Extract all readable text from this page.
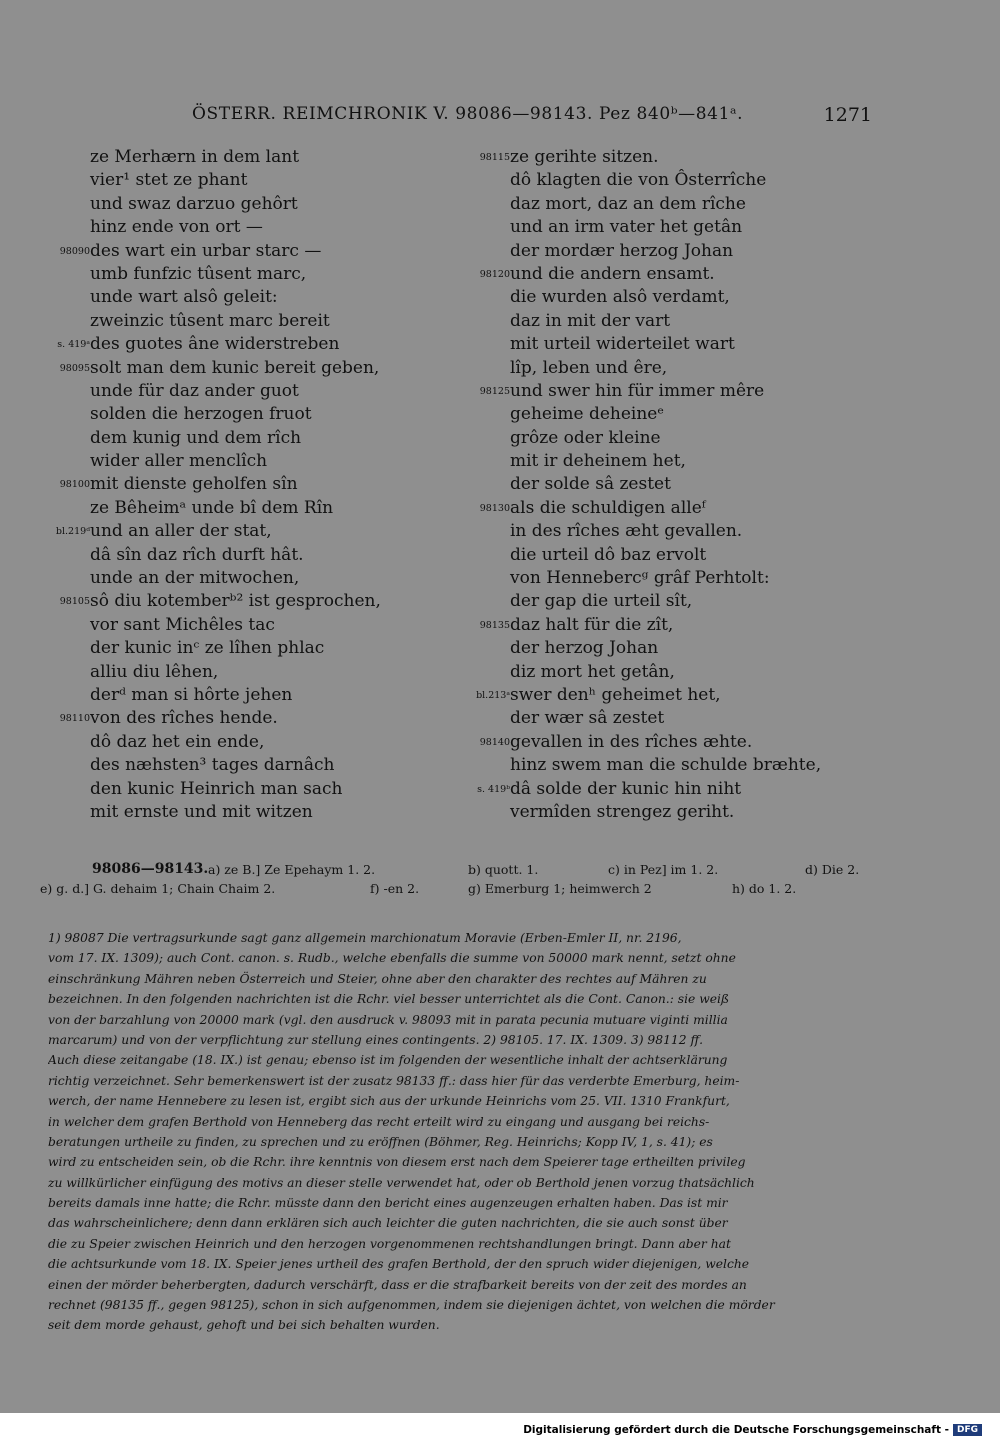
ÖSTERR. REIMCHRONIK V. 98086—98143. Pez 840ᵇ—841ᵃ.	1271
ze Merhærn in dem lant
vier¹ stet ze phant
und swaz darzuo gehôrt
hinz ende von ort —
98090 des wart ein urbar starc —
umb funfzic tûsent marc,
unde wart alsô geleit:
zweinzic tûsent marc bereit
s. 419ᵃ des guotes âne widerstreben
98095 solt man dem kunic bereit geben,
unde für daz ander guot
solden die herzogen fruot
dem kunig und dem rîch
wider aller menclîch
98100 mit dienste geholfen sîn
ze Bêheimᵃ unde bî dem Rîn
bl.219ᵈ und an aller der stat,
dâ sîn daz rîch durft hât.
unde an der mitwochen,
98105 sô diu kotemberᵇ² ist gesprochen,
vor sant Michêles tac
der kunic inᶜ ze lîhen phlac
alliu diu lêhen,
derᵈ man si hôrte jehen
98110 von des rîches hende.
dô daz het ein ende,
des næhsten³ tages darnâch
den kunic Heinrich man sach
mit ernste und mit witzen
98115 ze gerihte sitzen.
dô klagten die von Ôsterrîche
daz mort, daz an dem rîche
und an irm vater het getân
der mordær herzog Johan
98120 und die andern ensamt.
die wurden alsô verdamt,
daz in mit der vart
mit urteil widerteilet wart
lîp, leben und êre,
98125 und swer hin für immer mêre
geheime deheineᵉ
grôze oder kleine
mit ir deheinem het,
der solde sâ zestet
98130 als die schuldigen alleᶠ
in des rîches æht gevallen.
die urteil dô baz ervolt
von Hennebercᵍ grâf Perhtolt:
der gap die urteil sît,
98135 daz halt für die zît,
der herzog Johan
diz mort het getân,
bl.213ᵃ swer denʰ geheimet het,
der wær sâ zestet
98140 gevallen in des rîches æhte.
hinz swem man die schulde bræhte,
s. 419ᵇ dâ solde der kunic hin niht
vermîden strengez geriht.
98086—98143. a) ze B.] Ze Epehaym 1. 2.	b) quott. 1.	c) in Pez] im 1. 2.	d) Die 2.
e) g. d.] G. dehaim 1; Chain Chaim 2.	f) -en 2.	g) Emerburg 1; heimwerch 2	h) do 1. 2.
1) 98087 Die vertragsurkunde sagt ganz allgemein marchionatum Moravie (Erben-Emler II, nr. 2196,
vom 17. IX. 1309); auch Cont. canon. s. Rudb., welche ebenfalls die summe von 50000 mark nennt, setzt ohne
einschränkung Mähren neben Österreich und Steier, ohne aber den charakter des rechtes auf Mähren zu
bezeichnen. In den folgenden nachrichten ist die Rchr. viel besser unterrichtet als die Cont. Canon.: sie weiß
von der barzahlung von 20000 mark (vgl. den ausdruck v. 98093 mit in parata pecunia mutuare viginti millia
marcarum) und von der verpflichtung zur stellung eines contingents. 2) 98105. 17. IX. 1309. 3) 98112 ff.
Auch diese zeitangabe (18. IX.) ist genau; ebenso ist im folgenden der wesentliche inhalt der achtserklärung
richtig verzeichnet. Sehr bemerkenswert ist der zusatz 98133 ff.: dass hier für das verderbte Emerburg, heim-
werch, der name Hennebere zu lesen ist, ergibt sich aus der urkunde Heinrichs vom 25. VII. 1310 Frankfurt,
in welcher dem grafen Berthold von Henneberg das recht erteilt wird zu eingang und ausgang bei reichs-
beratungen urtheile zu finden, zu sprechen und zu eröffnen (Böhmer, Reg. Heinrichs; Kopp IV, 1, s. 41); es
wird zu entscheiden sein, ob die Rchr. ihre kenntnis von diesem erst nach dem Speierer tage ertheilten privileg
zu willkürlicher einfügung des motivs an dieser stelle verwendet hat, oder ob Berthold jenen vorzug thatsächlich
bereits damals inne hatte; die Rchr. müsste dann den bericht eines augenzeugen erhalten haben. Das ist mir
das wahrscheinlichere; denn dann erklären sich auch leichter die guten nachrichten, die sie auch sonst über
die zu Speier zwischen Heinrich und den herzogen vorgenommenen rechtshandlungen bringt. Dann aber hat
die achtsurkunde vom 18. IX. Speier jenes urtheil des grafen Berthold, der den spruch wider diejenigen, welche
einen der mörder beherbergten, dadurch verschärft, dass er die strafbarkeit bereits von der zeit des mordes an
rechnet (98135 ff., gegen 98125), schon in sich aufgenommen, indem sie diejenigen ächtet, von welchen die mörder
seit dem morde gehaust, gehoft und bei sich behalten wurden.
Digitalisierung gefördert durch die Deutsche Forschungsgemeinschaft - DFG
